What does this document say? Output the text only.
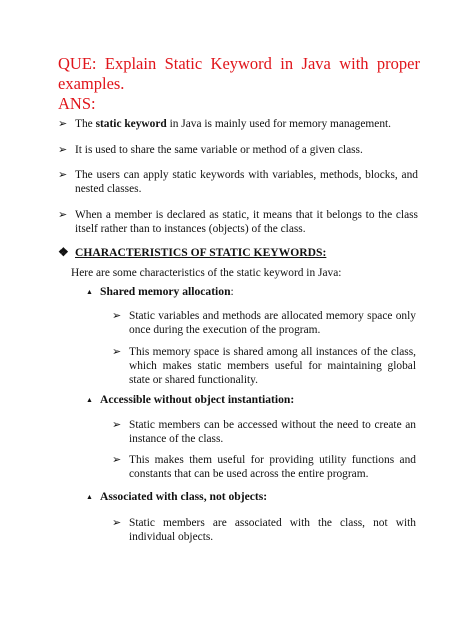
QUE: Explain Static Keyword in Java with proper examples.
ANS:
➢ The static keyword in Java is mainly used for memory management.
➢ It is used to share the same variable or method of a given class.
➢ The users can apply static keywords with variables, methods, blocks, and nested classes.
➢ When a member is declared as static, it means that it belongs to the class itself rather than to instances (objects) of the class.
❖ CHARACTERISTICS OF STATIC KEYWORDS:
Here are some characteristics of the static keyword in Java:
▲ Shared memory allocation:
➢ Static variables and methods are allocated memory space only once during the execution of the program.
➢ This memory space is shared among all instances of the class, which makes static members useful for maintaining global state or shared functionality.
▲ Accessible without object instantiation:
➢ Static members can be accessed without the need to create an instance of the class.
➢ This makes them useful for providing utility functions and constants that can be used across the entire program.
▲ Associated with class, not objects:
➢ Static members are associated with the class, not with individual objects.
